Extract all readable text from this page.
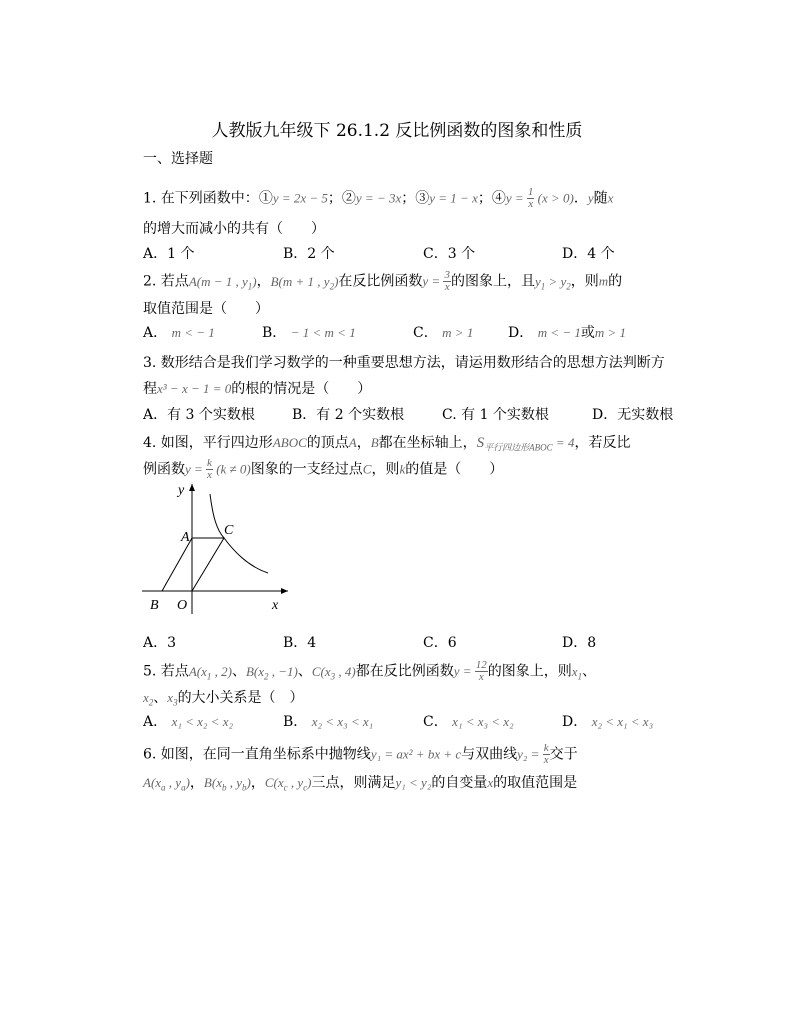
人教版九年级下 26.1.2 反比例函数的图象和性质
一、选择题
1. 在下列函数中：①y = 2x − 5；②y = − 3x；③y = 1 − x；④y = $\frac{1}{x} (x > 0)$．y随x
的增大而减小的共有（　　）
A．1 个	B．2 个	C．3 个	D．4 个
2. 若点A(m − 1 , $y_1$)，B(m + 1 , $y_2$)在反比例函数$y = \frac{3}{x}$ 的图象上，且$y_1 > y_2$，则m的
取值范围是（　　）
A． m < − 1	B． − 1 < m < 1	C． m > 1 D． m < − 1或m > 1
3. 数形结合是我们学习数学的一种重要思想方法，请运用数形结合的思想方法判断方
程x³ − x − 1 = 0的根的情况是（　　）
A．有 3 个实数根	B．有 2 个实数根	C. 有 1 个实数根	D．无实数根
4. 如图，平行四边形ABOC的顶点A，B都在坐标轴上，$S_{平行四边形ABOC} = 4$，若反比
例函数$y = \frac{k}{x} (k \ne 0)$图象的一支经过点C，则k的值是（　　）
y
x
A C
B O
A．3	B．4	C．6	D．8
5. 若点$A(x_1$ , 2)、$B(x_2$ , −1)、$C(x_3$ , 4)都在反比例函数$y = \frac{12}{x}$ 的图象上，则$x_1$、
$x_2$、$x_3$的大小关系是（　）
A． x₁ < x₂ < x₂	B． x₂ < x₃ < x₁	C． x₁ < x₃ < x₂	D． x₂ < x₁ < x₃
6. 如图，在同一直角坐标系中抛物线y₁ = ax² + bx + c与双曲线$y_2 = \frac{k}{x}$ 交于
$A(x_a$ , $y_a$)，$B(x_b$ , $y_b$)，$C(x_c$ , $y_c$)三点，则满足y₁ < y₂的自变量x的取值范围是
